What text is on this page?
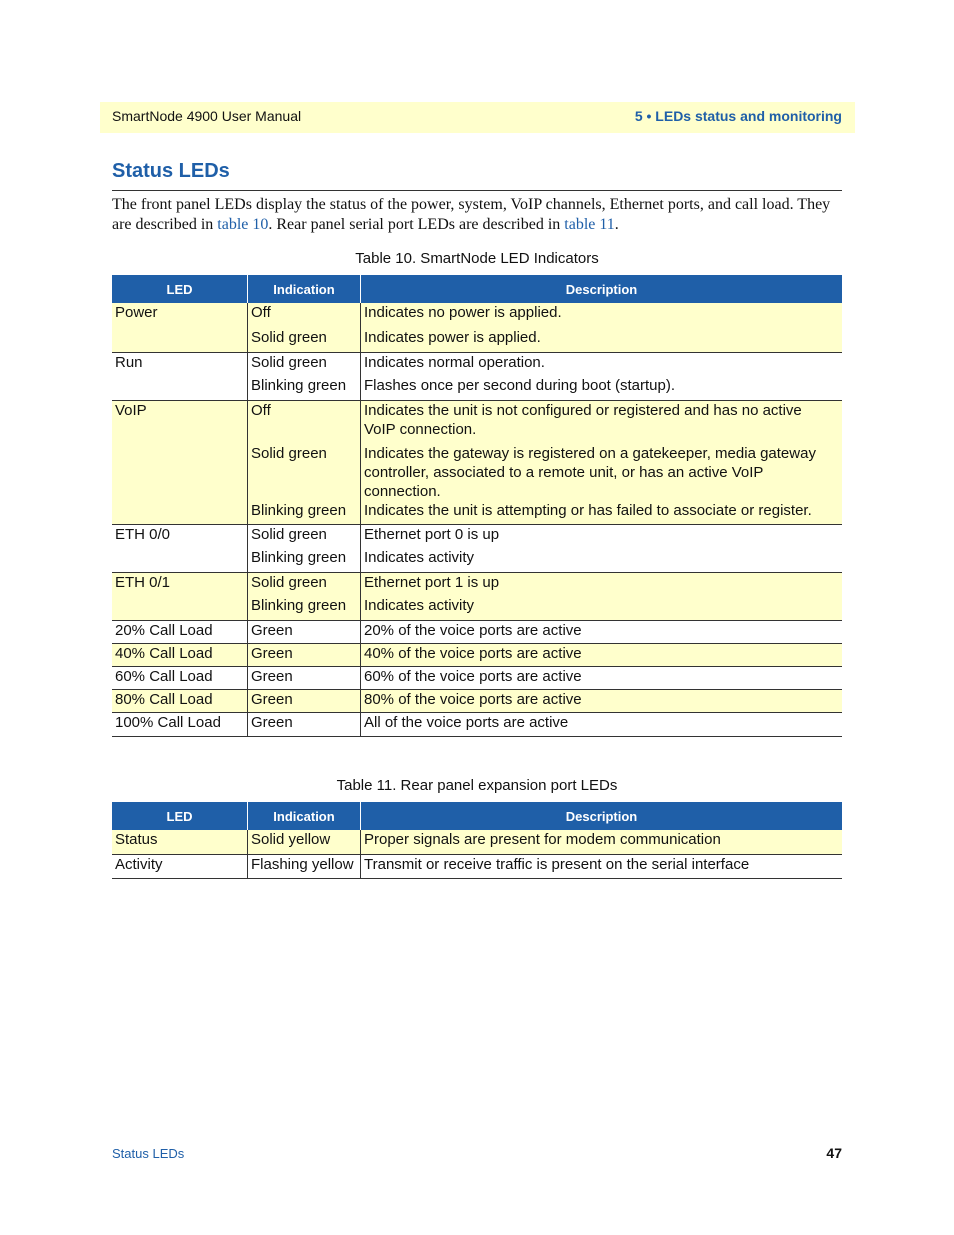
SmartNode 4900 User Manual	5 • LEDs status and monitoring
Status LEDs
The front panel LEDs display the status of the power, system, VoIP channels, Ethernet ports, and call load. They are described in table 10. Rear panel serial port LEDs are described in table 11.
Table 10. SmartNode LED Indicators
LED	Indication	Description
Power	Off	Indicates no power is applied.
	Solid green	Indicates power is applied.
Run	Solid green	Indicates normal operation.
	Blinking green	Flashes once per second during boot (startup).
VoIP	Off	Indicates the unit is not configured or registered and has no active
VoIP connection.

	Solid green	Indicates the gateway is registered on a gatekeeper, media gateway
controller, associated to a remote unit, or has an active VoIP connection.

	Blinking green	Indicates the unit is attempting or has failed to associate or register.
ETH 0/0	Solid green	Ethernet port 0 is up
	Blinking green	Indicates activity
ETH 0/1	Solid green	Ethernet port 1 is up
	Blinking green	Indicates activity
20% Call Load	Green	20% of the voice ports are active
40% Call Load	Green	40% of the voice ports are active
60% Call Load	Green	60% of the voice ports are active
80% Call Load	Green	80% of the voice ports are active
100% Call Load	Green	All of the voice ports are active
Table 11. Rear panel expansion port LEDs
LED	Indication	Description
Status	Solid yellow	Proper signals are present for modem communication
Activity	Flashing yellow	Transmit or receive traffic is present on the serial interface
Status LEDs	47
